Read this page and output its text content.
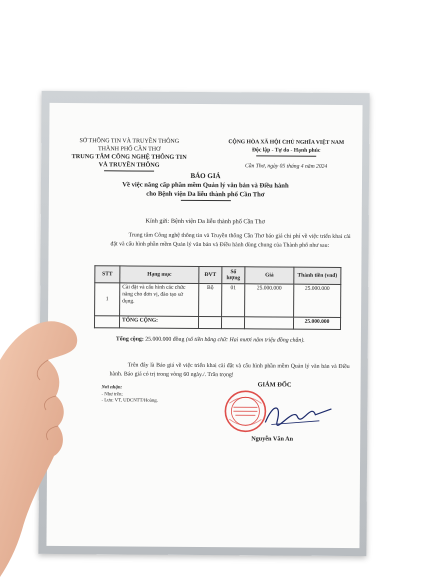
SỞ THÔNG TIN VÀ TRUYỀN THÔNG
THÀNH PHỐ CẦN THƠ
TRUNG TÂM CÔNG NGHỆ THÔNG TIN
VÀ TRUYỀN THÔNG
CỘNG HÒA XÃ HỘI CHỦ NGHĨA VIỆT NAM
Độc lập - Tự do - Hạnh phúc
Cần Thơ, ngày 05 tháng 4 năm 2024
BÁO GIÁ
Về việc nâng cấp phần mềm Quản lý văn bản và Điều hành
cho Bệnh viện Da liễu thành phố Cần Thơ
Kính gửi: Bệnh viện Da liễu thành phố Cần Thơ
Trung tâm Công nghệ thông tin và Truyền thông Cần Thơ báo giá chi phí về việc triển khai cài đặt và cấu hình phần mềm Quản lý văn bản và Điều hành dùng chung của Thành phố như sau:
STT	Hạng mục	ĐVT	Số lượng	Giá	Thành tiền (vnđ)
1	Cài đặt và cấu hình các chức năng cho đơn vị, đào tạo sử dụng.	Bộ	01	25.000.000	25.000.000
	TỔNG CỘNG:				25.000.000
Tổng cộng: 25.000.000 đồng (số tiền bằng chữ: Hai mươi năm triệu đồng chẵn).
Trên đây là Báo giá về việc triển khai cài đặt và cấu hình phần mềm Quản lý văn bản và Điều hành. Báo giá có trị trong vòng 60 ngày./. Trân trọng!
Nơi nhận:
- Như trên;
- Lưu: VT, UDCNTT/Hoàng.
GIÁM ĐỐC
Nguyễn Văn An
